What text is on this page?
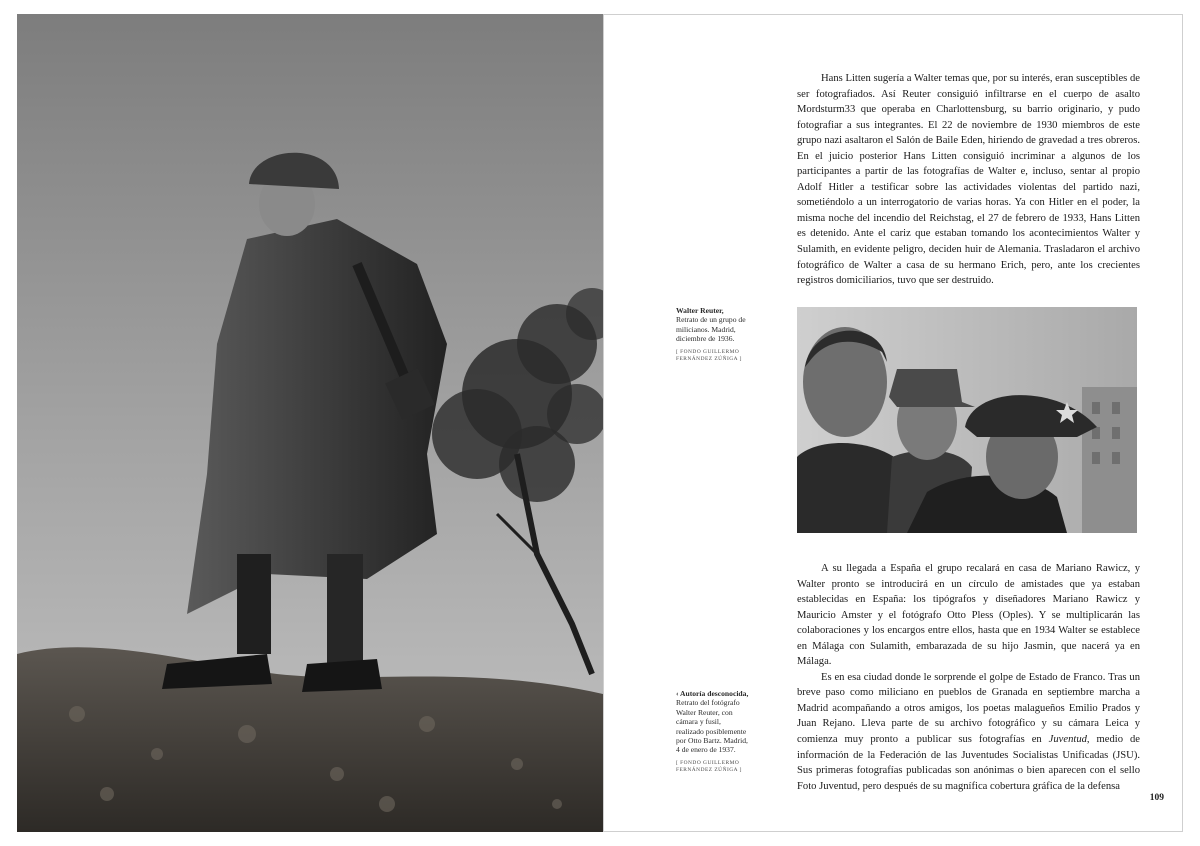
Hans Litten sugería a Walter temas que, por su interés, eran susceptibles de ser fotografiados. Así Reuter consiguió infiltrarse en el cuerpo de asalto Mordsturm33 que operaba en Charlottensburg, su barrio originario, y pudo fotografiar a sus integrantes. El 22 de noviembre de 1930 miembros de este grupo nazi asaltaron el Salón de Baile Eden, hiriendo de gravedad a tres obreros. En el juicio posterior Hans Litten consiguió incriminar a algunos de los participantes a partir de las fotografías de Walter e, incluso, sentar al propio Adolf Hitler a testificar sobre las actividades violentas del partido nazi, sometiéndolo a un interrogatorio de varias horas. Ya con Hitler en el poder, la misma noche del incendio del Reichstag, el 27 de febrero de 1933, Hans Litten es detenido. Ante el cariz que estaban tomando los acontecimientos Walter y Sulamith, en evidente peligro, deciden huir de Alemania. Trasladaron el archivo fotográfico de Walter a casa de su hermano Erich, pero, ante los crecientes registros domiciliarios, tuvo que ser destruido.

Walter Reuter,
Retrato de un grupo de milicianos. Madrid, diciembre de 1936.
[ FONDO GUILLERMO FERNÁNDEZ ZÚÑIGA ]

A su llegada a España el grupo recalará en casa de Mariano Rawicz, y Walter pronto se introducirá en un círculo de amistades que ya estaban establecidas en España: los tipógrafos y diseñadores Mariano Rawicz y Mauricio Amster y el fotógrafo Otto Pless (Oples). Y se multiplicarán las colaboraciones y los encargos entre ellos, hasta que en 1934 Walter se establece en Málaga con Sulamith, embarazada de su hijo Jasmin, que nacerá ya en Málaga.

Es en esa ciudad donde le sorprende el golpe de Estado de Franco. Tras un breve paso como miliciano en pueblos de Granada en septiembre marcha a Madrid acompañando a otros amigos, los poetas malagueños Emilio Prados y Juan Rejano. Lleva parte de su archivo fotográfico y su cámara Leica y comienza muy pronto a publicar sus fotografías en Juventud, medio de información de la Federación de las Juventudes Socialistas Unificadas (JSU). Sus primeras fotografías publicadas son anónimas o bien aparecen con el sello Foto Juventud, pero después de su magnífica cobertura gráfica de la defensa

‹ Autoría desconocida,
Retrato del fotógrafo Walter Reuter, con cámara y fusil, realizado posiblemente por Otto Bartz. Madrid, 4 de enero de 1937.
[ FONDO GUILLERMO FERNÁNDEZ ZÚÑIGA ]
109
